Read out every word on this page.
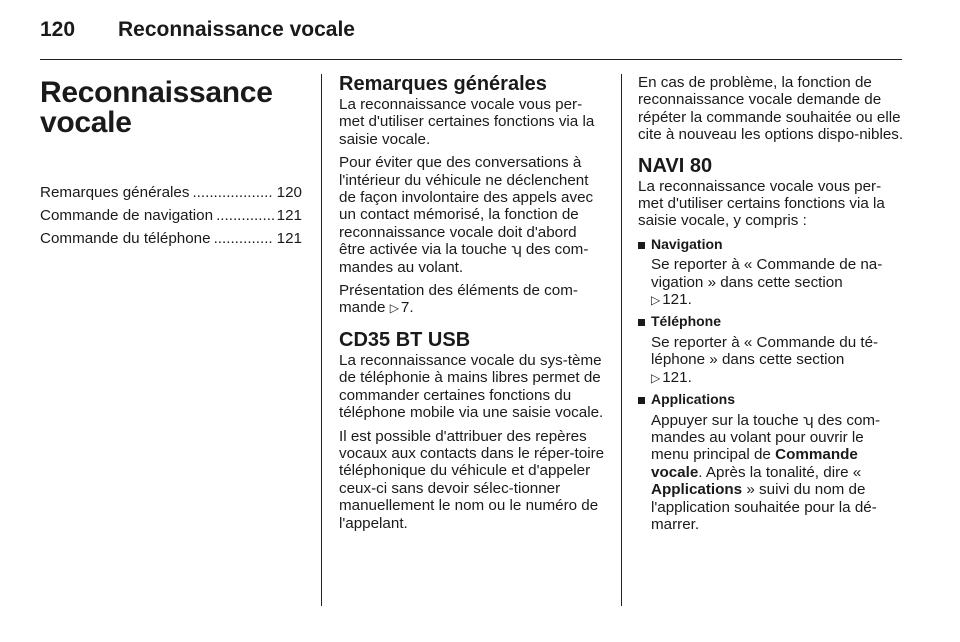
120 Reconnaissance vocale
Reconnaissance
vocale
Remarques générales .....	120
Commande de navigation .....	121
Commande du téléphone .....	121
Remarques générales

La reconnaissance vocale vous per‐met d'utiliser certaines fonctions via la saisie vocale.

Pour éviter que des conversations à l'intérieur du véhicule ne déclenchent de façon involontaire des appels avec un contact mémorisé, la fonction de reconnaissance vocale doit d'abord être activée via la touche ʮ des com‐mandes au volant.

Présentation des éléments de com‐mande ▷ 7.

CD35 BT USB

La reconnaissance vocale du sys‐tème de téléphonie à mains libres permet de commander certaines fonctions du téléphone mobile via une saisie vocale.

Il est possible d'attribuer des repères vocaux aux contacts dans le réper‐toire téléphonique du véhicule et d'appeler ceux-ci sans devoir sélec‐tionner manuellement le nom ou le numéro de l'appelant.

En cas de problème, la fonction de reconnaissance vocale demande de répéter la commande souhaitée ou elle cite à nouveau les options dispo‐nibles.

NAVI 80

La reconnaissance vocale vous per‐met d'utiliser certains fonctions via la saisie vocale, y compris :

Navigation

Se reporter à « Commande de na‐vigation » dans cette section
▷ 121.

Téléphone

Se reporter à « Commande du té‐léphone » dans cette section
▷ 121.

Applications

Appuyer sur la touche ʮ des com‐mandes au volant pour ouvrir le menu principal de Commande vocale. Après la tonalité, dire « Applications » suivi du nom de l'application souhaitée pour la dé‐marrer.
